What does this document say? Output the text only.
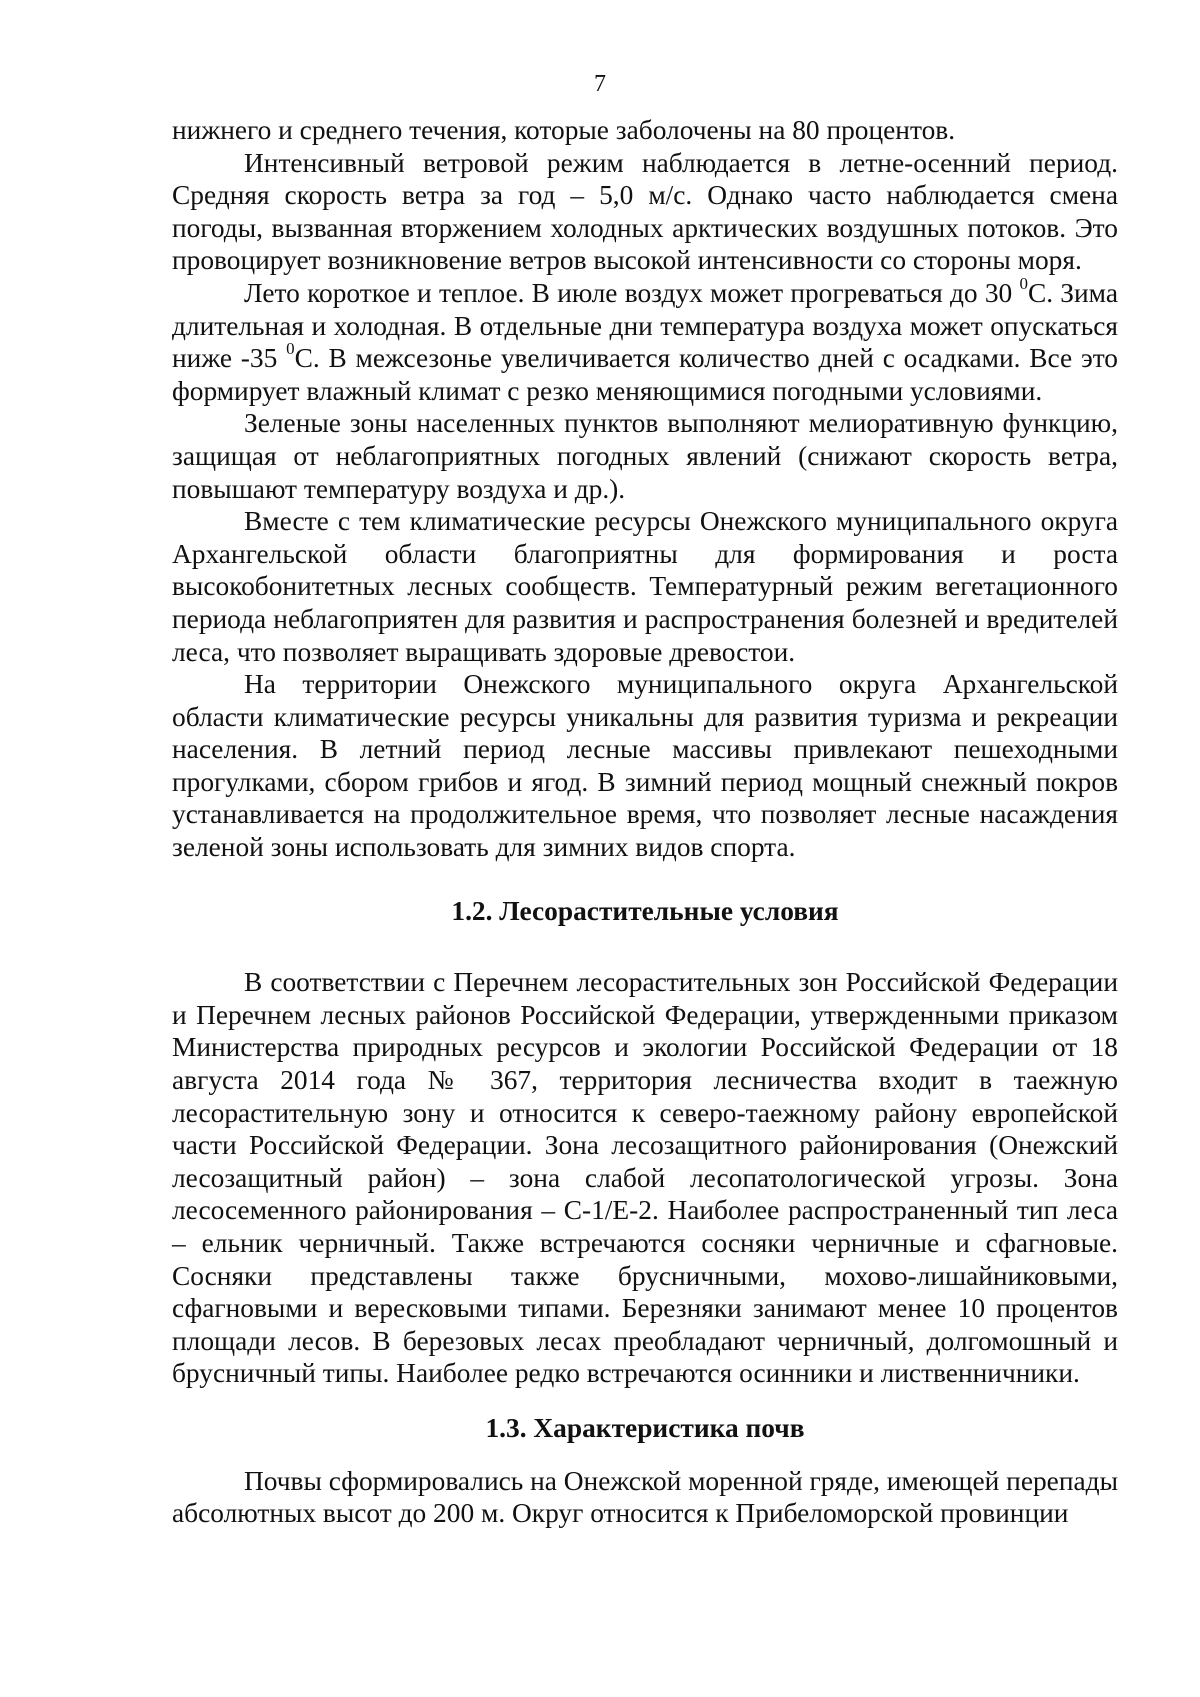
7

нижнего и среднего течения, которые заболочены на 80 процентов.

Интенсивный ветровой режим наблюдается в летне-осенний период. Средняя скорость ветра за год – 5,0 м/с. Однако часто наблюдается смена погоды, вызванная вторжением холодных арктических воздушных потоков. Это провоцирует возникновение ветров высокой интенсивности со стороны моря.

Лето короткое и теплое. В июле воздух может прогреваться до 30 $^0$С. Зима длительная и холодная. В отдельные дни температура воздуха может опускаться ниже -35 $^0$С. В межсезонье увеличивается количество дней с осадками. Все это формирует влажный климат с резко меняющимися погодными условиями.

Зеленые зоны населенных пунктов выполняют мелиоративную функцию, защищая от неблагоприятных погодных явлений (снижают скорость ветра, повышают температуру воздуха и др.).

Вместе с тем климатические ресурсы Онежского муниципального округа Архангельской области благоприятны для формирования и роста высокобонитетных лесных сообществ. Температурный режим вегетационного периода неблагоприятен для развития и распространения болезней и вредителей леса, что позволяет выращивать здоровые древостои.

На территории Онежского муниципального округа Архангельской области климатические ресурсы уникальны для развития туризма и рекреации населения. В летний период лесные массивы привлекают пешеходными прогулками, сбором грибов и ягод. В зимний период мощный снежный покров устанавливается на продолжительное время, что позволяет лесные насаждения зеленой зоны использовать для зимних видов спорта.

1.2. Лесорастительные условия

В соответствии с Перечнем лесорастительных зон Российской Федерации и Перечнем лесных районов Российской Федерации, утвержденными приказом Министерства природных ресурсов и экологии Российской Федерации от 18 августа 2014 года № 367, территория лесничества входит в таежную лесорастительную зону и относится к северо-таежному району европейской части Российской Федерации. Зона лесозащитного районирования (Онежский лесозащитный район) – зона слабой лесопатологической угрозы. Зона лесосеменного районирования – С-1/Е-2. Наиболее распространенный тип леса – ельник черничный. Также встречаются сосняки черничные и сфагновые. Сосняки представлены также брусничными, мохово-лишайниковыми, сфагновыми и вересковыми типами. Березняки занимают менее 10 процентов площади лесов. В березовых лесах преобладают черничный, долгомошный и брусничный типы. Наиболее редко встречаются осинники и лиственничники.

1.3. Характеристика почв

Почвы сформировались на Онежской моренной гряде, имеющей перепады абсолютных высот до 200 м. Округ относится к Прибеломорской провинции
